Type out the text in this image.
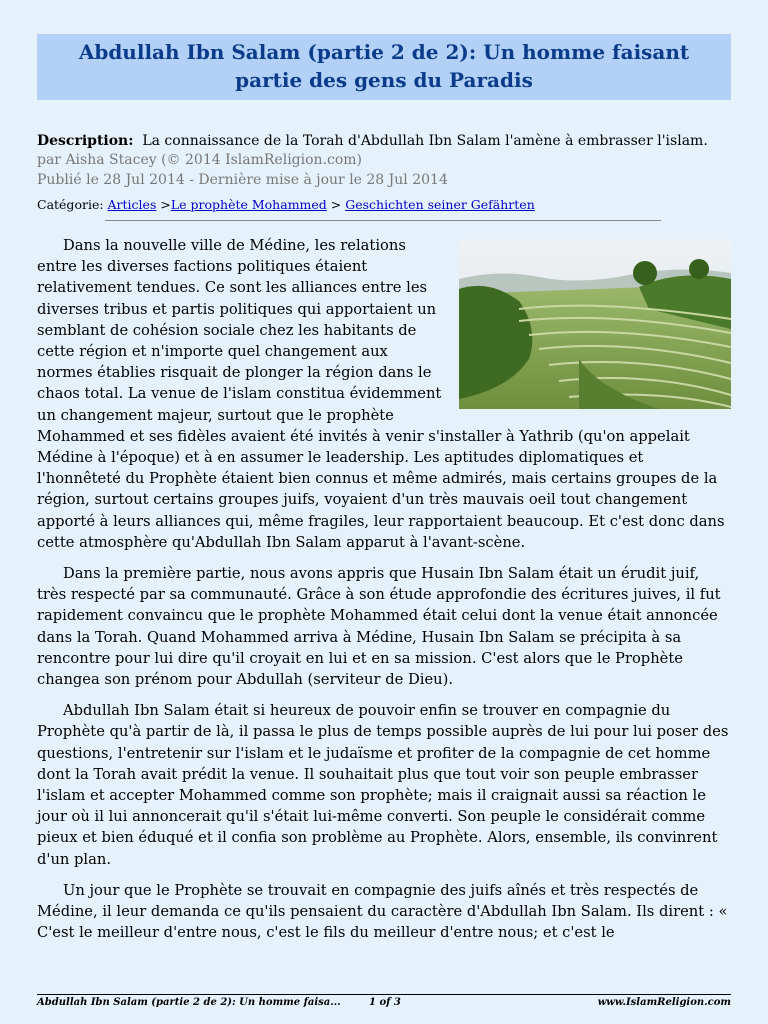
Abdullah Ibn Salam (partie 2 de 2): Un homme faisant partie des gens du Paradis
Description: La connaissance de la Torah d'Abdullah Ibn Salam l'amène à embrasser l'islam.
par Aisha Stacey (© 2014 IslamReligion.com)
Publié le 28 Jul 2014 - Dernière mise à jour le 28 Jul 2014
Catégorie: Articles >Le prophète Mohammed > Geschichten seiner Gefährten

Dans la nouvelle ville de Médine, les relations entre les diverses factions politiques étaient relativement tendues. Ce sont les alliances entre les diverses tribus et partis politiques qui apportaient un semblant de cohésion sociale chez les habitants de cette région et n'importe quel changement aux normes établies risquait de plonger la région dans le chaos total. La venue de l'islam constitua évidemment un changement majeur, surtout que le prophète Mohammed et ses fidèles avaient été invités à venir s'installer à Yathrib (qu'on appelait Médine à l'époque) et à en assumer le leadership. Les aptitudes diplomatiques et l'honnêteté du Prophète étaient bien connus et même admirés, mais certains groupes de la région, surtout certains groupes juifs, voyaient d'un très mauvais oeil tout changement apporté à leurs alliances qui, même fragiles, leur rapportaient beaucoup. Et c'est donc dans cette atmosphère qu'Abdullah Ibn Salam apparut à l'avant-scène.

Dans la première partie, nous avons appris que Husain Ibn Salam était un érudit juif, très respecté par sa communauté. Grâce à son étude approfondie des écritures juives, il fut rapidement convaincu que le prophète Mohammed était celui dont la venue était annoncée dans la Torah. Quand Mohammed arriva à Médine, Husain Ibn Salam se précipita à sa rencontre pour lui dire qu'il croyait en lui et en sa mission. C'est alors que le Prophète changea son prénom pour Abdullah (serviteur de Dieu).

Abdullah Ibn Salam était si heureux de pouvoir enfin se trouver en compagnie du Prophète qu'à partir de là, il passa le plus de temps possible auprès de lui pour lui poser des questions, l'entretenir sur l'islam et le judaïsme et profiter de la compagnie de cet homme dont la Torah avait prédit la venue. Il souhaitait plus que tout voir son peuple embrasser l'islam et accepter Mohammed comme son prophète; mais il craignait aussi sa réaction le jour où il lui annoncerait qu'il s'était lui-même converti. Son peuple le considérait comme pieux et bien éduqué et il confia son problème au Prophète. Alors, ensemble, ils convinrent d'un plan.

Un jour que le Prophète se trouvait en compagnie des juifs aînés et très respectés de Médine, il leur demanda ce qu'ils pensaient du caractère d'Abdullah Ibn Salam. Ils dirent : « C'est le meilleur d'entre nous, c'est le fils du meilleur d'entre nous; et c'est le

Abdullah Ibn Salam (partie 2 de 2): Un homme faisa...	1 of 3	www.IslamReligion.com
